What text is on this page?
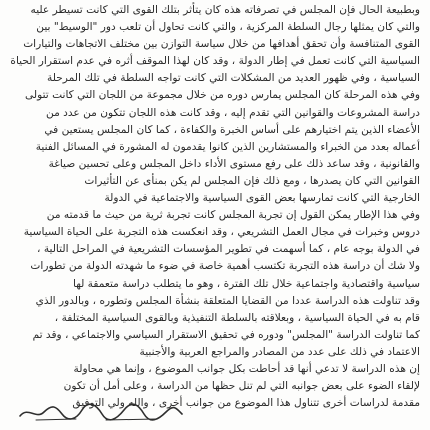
وبطبيعة الحال فإن المجلس في تصرفاته هذه كان يتأثر بتلك القوى التي كانت تسيطر عليه
والتي كان يمثلها رجال السلطة المركزية ، والتي كانت تحاول أن تلعب دور "الوسيط" بين
القوى المتنافسة وأن تحقق أهدافها من خلال سياسة التوازن بين مختلف الاتجاهات والتيارات
السياسية التي كانت تعمل في إطار الدولة ، وقد كان لهذا الموقف أثره في عدم استقرار الحياة
السياسية ، وفي ظهور العديد من المشكلات التي كانت تواجه السلطة في تلك المرحلة
وفي هذه المرحلة كان المجلس يمارس دوره من خلال مجموعة من اللجان التي كانت تتولى
دراسة المشروعات والقوانين التي تقدم إليه ، وقد كانت هذه اللجان تتكون من عدد من
الأعضاء الذين يتم اختيارهم على أساس الخبرة والكفاءة ، كما كان المجلس يستعين في
أعماله بعدد من الخبراء والمستشارين الذين كانوا يقدمون له المشورة في المسائل الفنية
والقانونية ، وقد ساعد ذلك على رفع مستوى الأداء داخل المجلس وعلى تحسين صياغة
القوانين التي كان يصدرها ، ومع ذلك فإن المجلس لم يكن بمنأى عن التأثيرات
الخارجية التي كانت تمارسها بعض القوى السياسية والاجتماعية في الدولة
وفي هذا الإطار يمكن القول إن تجربة المجلس كانت تجربة ثرية من حيث ما قدمته من
دروس وخبرات في مجال العمل التشريعي ، وقد انعكست هذه التجربة على الحياة السياسية
في الدولة بوجه عام ، كما أسهمت في تطوير المؤسسات التشريعية في المراحل التالية ،
ولا شك أن دراسة هذه التجربة تكتسب أهمية خاصة في ضوء ما شهدته الدولة من تطورات
سياسية واقتصادية واجتماعية خلال تلك الفترة ، وهو ما يتطلب دراسة متعمقة لها
وقد تناولت هذه الدراسة عددا من القضايا المتعلقة بنشأة المجلس وتطوره ، وبالدور الذي
قام به في الحياة السياسية ، وبعلاقته بالسلطة التنفيذية وبالقوى السياسية المختلفة ،
كما تناولت الدراسة "المجلس" ودوره في تحقيق الاستقرار السياسي والاجتماعي ، وقد تم
الاعتماد في ذلك على عدد من المصادر والمراجع العربية والأجنبية
إن هذه الدراسة لا تدعي أنها قد أحاطت بكل جوانب الموضوع ، وإنما هي محاولة
لإلقاء الضوء على بعض جوانبه التي لم تنل حظها من الدراسة ، وعلى أمل أن تكون
مقدمة لدراسات أخرى تتناول هذا الموضوع من جوانب أخرى ، والله ولي التوفيق
